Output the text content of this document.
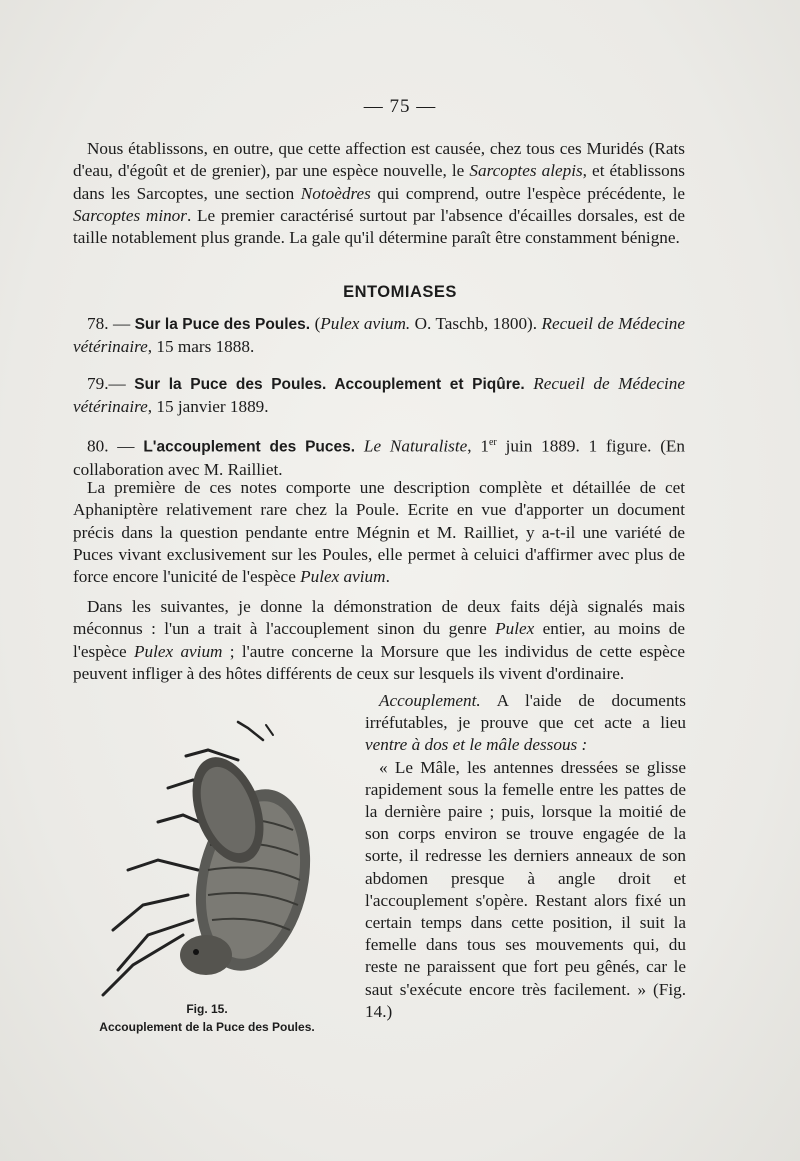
— 75 —

Nous établissons, en outre, que cette affection est causée, chez tous ces Muridés (Rats d'eau, d'égoût et de grenier), par une espèce nouvelle, le Sarcoptes alepis, et établissons dans les Sarcoptes, une section Notoèdres qui comprend, outre l'espèce précédente, le Sarcoptes minor. Le premier caractérisé surtout par l'absence d'écailles dorsales, est de taille notablement plus grande. La gale qu'il détermine paraît être constamment bénigne.

ENTOMIASES

78. — Sur la Puce des Poules. (Pulex avium. O. Taschb, 1800). Recueil de Médecine vétérinaire, 15 mars 1888.

79.— Sur la Puce des Poules. Accouplement et Piqûre. Recueil de Médecine vétérinaire, 15 janvier 1889.

80. — L'accouplement des Puces. Le Naturaliste, 1er juin 1889. 1 figure. (En collaboration avec M. Railliet.

La première de ces notes comporte une description complète et détaillée de cet Aphaniptère relativement rare chez la Poule. Ecrite en vue d'apporter un document précis dans la question pendante entre Mégnin et M. Railliet, y a-t-il une variété de Puces vivant exclusivement sur les Poules, elle permet à celuici d'affirmer avec plus de force encore l'unicité de l'espèce Pulex avium.

Dans les suivantes, je donne la démonstration de deux faits déjà signalés mais méconnus : l'un a trait à l'accouplement sinon du genre Pulex entier, au moins de l'espèce Pulex avium ; l'autre concerne la Morsure que les individus de cette espèce peuvent infliger à des hôtes différents de ceux sur lesquels ils vivent d'ordinaire.

Accouplement. A l'aide de documents irréfutables, je prouve que cet acte a lieu ventre à dos et le mâle dessous :

« Le Mâle, les antennes dressées se glisse rapidement sous la femelle entre les pattes de la dernière paire ; puis, lorsque la moitié de son corps environ se trouve engagée de la sorte, il redresse les derniers anneaux de son abdomen presque à angle droit et l'accouplement s'opère. Restant alors fixé un certain temps dans cette position, il suit la femelle dans tous ses mouvements qui, du reste ne paraissent que fort peu gênés, car le saut s'exécute encore très facilement. » (Fig. 14.)

Fig. 15.
Accouplement de la Puce des Poules.
